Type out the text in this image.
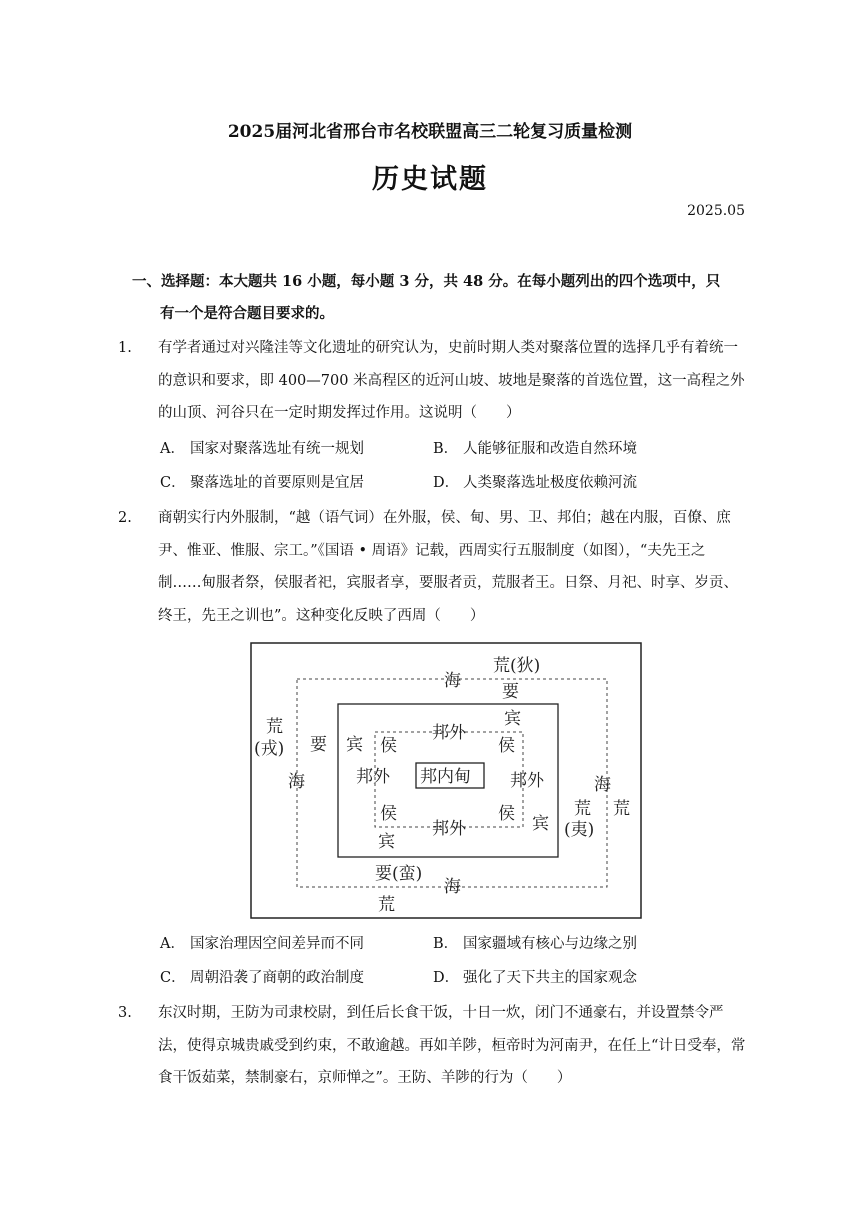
2025届河北省邢台市名校联盟高三二轮复习质量检测
历史试题
2025.05
一、选择题：本大题共 16 小题，每小题 3 分，共 48 分。在每小题列出的四个选项中，只
有一个是符合题目要求的。
1. 有学者通过对兴隆洼等文化遗址的研究认为，史前时期人类对聚落位置的选择几乎有着统一的意识和要求，即 400—700 米高程区的近河山坡、坡地是聚落的首选位置，这一高程之外的山顶、河谷只在一定时期发挥过作用。这说明（　　）
A． 国家对聚落选址有统一规划	B． 人能够征服和改造自然环境
C． 聚落选址的首要原则是宜居	D． 人类聚落选址极度依赖河流
2. 商朝实行内外服制，“越（语气词）在外服，侯、甸、男、卫、邦伯；越在内服，百僚、庶尹、惟亚、惟服、宗工。”《国语 • 周语》记载，西周实行五服制度（如图），“夫先王之制……甸服者祭，侯服者祀，宾服者享，要服者贡，荒服者王。日祭、月祀、时享、岁贡、终王，先王之训也”。这种变化反映了西周（　　）
邦内甸
侯	侯
侯	侯
邦外
邦外
邦外	邦外
宾
宾
宾
宾
要
要
要(蛮)
海
海	海
海
荒(狄)
荒
(戎)
荒
(夷)
荒
荒
A． 国家治理因空间差异而不同	B． 国家疆域有核心与边缘之别
C． 周朝沿袭了商朝的政治制度	D． 强化了天下共主的国家观念
3. 东汉时期，王防为司隶校尉，到任后长食干饭，十日一炊，闭门不通豪右，并设置禁令严法，使得京城贵戚受到约束，不敢逾越。再如羊陟，桓帝时为河南尹，在任上“计日受奉，常食干饭茹菜，禁制豪右，京师惮之”。王防、羊陟的行为（　　）
